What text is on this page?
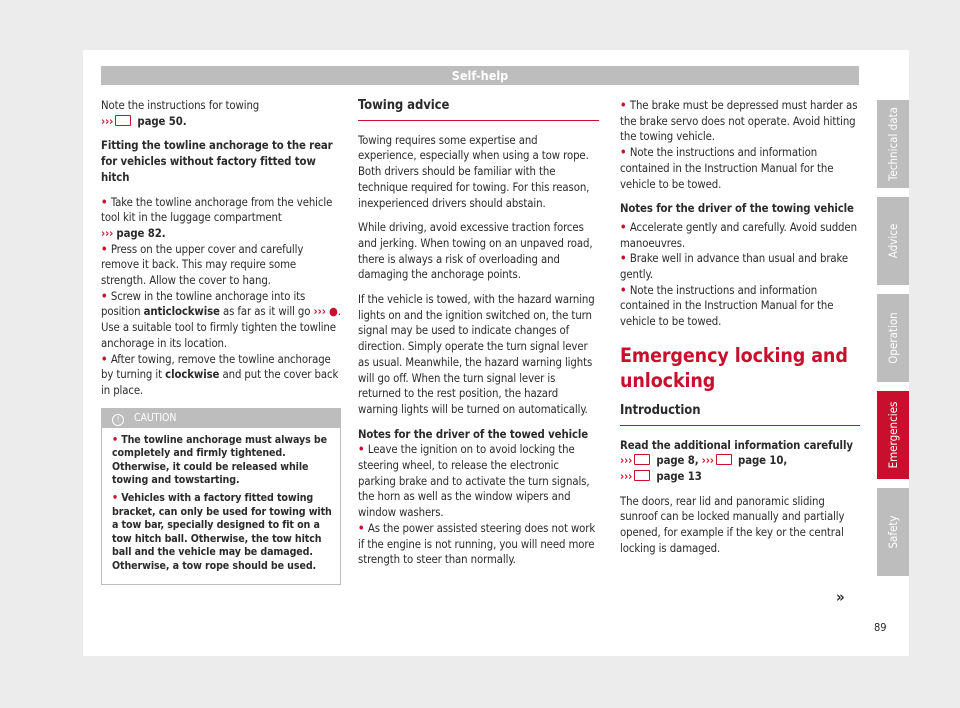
Self-help

Note the instructions for towing
››› page 50.

Fitting the towline anchorage to the rear for vehicles without factory fitted tow hitch

• Take the towline anchorage from the vehicle tool kit in the luggage compartment
››› page 82.

• Press on the upper cover and carefully remove it back. This may require some strength. Allow the cover to hang.

• Screw in the towline anchorage into its position anticlockwise as far as it will go ››› ●. Use a suitable tool to firmly tighten the towline anchorage in its location.

• After towing, remove the towline anchorage by turning it clockwise and put the cover back in place.

! CAUTION

• The towline anchorage must always be completely and firmly tightened. Otherwise, it could be released while towing and towstarting.

• Vehicles with a factory fitted towing bracket, can only be used for towing with a tow bar, specially designed to fit on a tow hitch ball. Otherwise, the tow hitch ball and the vehicle may be damaged. Otherwise, a tow rope should be used.

Towing advice

Towing requires some expertise and experience, especially when using a tow rope. Both drivers should be familiar with the technique required for towing. For this reason, inexperienced drivers should abstain.

While driving, avoid excessive traction forces and jerking. When towing on an unpaved road, there is always a risk of overloading and damaging the anchorage points.

If the vehicle is towed, with the hazard warning lights on and the ignition switched on, the turn signal may be used to indicate changes of direction. Simply operate the turn signal lever as usual. Meanwhile, the hazard warning lights will go off. When the turn signal lever is returned to the rest position, the hazard warning lights will be turned on automatically.

Notes for the driver of the towed vehicle

• Leave the ignition on to avoid locking the steering wheel, to release the electronic parking brake and to activate the turn signals, the horn as well as the window wipers and window washers.

• As the power assisted steering does not work if the engine is not running, you will need more strength to steer than normally.

• The brake must be depressed must harder as the brake servo does not operate. Avoid hitting the towing vehicle.

• Note the instructions and information contained in the Instruction Manual for the vehicle to be towed.

Notes for the driver of the towing vehicle

• Accelerate gently and carefully. Avoid sudden manoeuvres.

• Brake well in advance than usual and brake gently.

• Note the instructions and information contained in the Instruction Manual for the vehicle to be towed.

Emergency locking and unlocking
Introduction

Read the additional information carefully
››› page 8, ››› page 10,
››› page 13

The doors, rear lid and panoramic sliding sunroof can be locked manually and partially opened, for example if the key or the central locking is damaged.

»
Technical data
Advice
Operation
Emergencies
Safety
89
